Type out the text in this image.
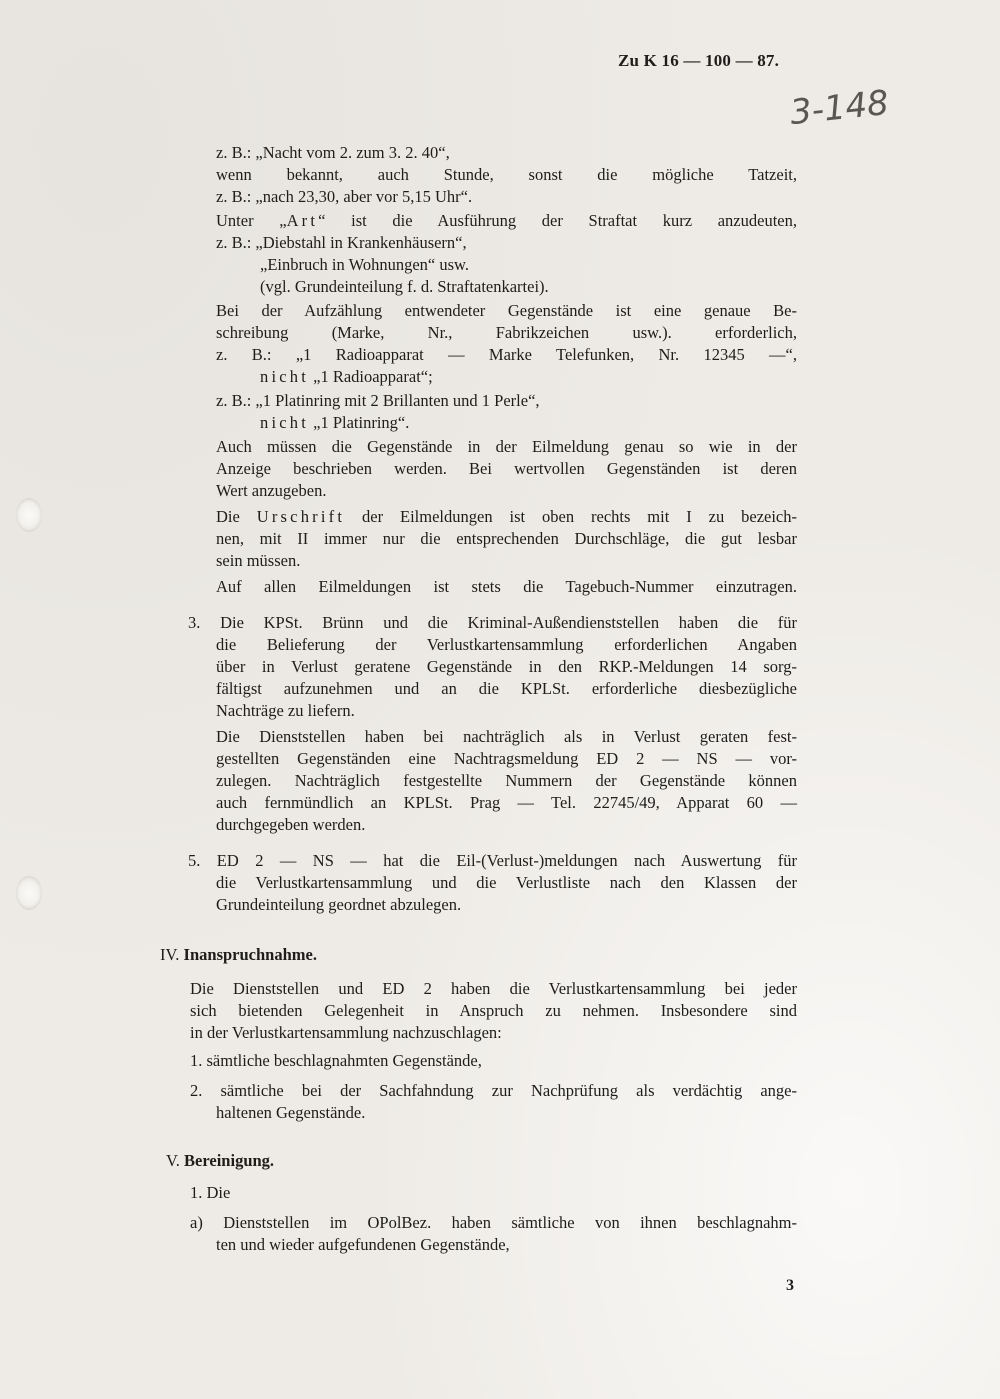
Zu K 16 — 100 — 87.
3-148
z. B.: „Nacht vom 2. zum 3. 2. 40“,
wenn bekannt, auch Stunde, sonst die mögliche Tatzeit,
z. B.: „nach 23,30, aber vor 5,15 Uhr“.
Unter „Art“ ist die Ausführung der Straftat kurz anzudeuten,
z. B.: „Diebstahl in Krankenhäusern“,
„Einbruch in Wohnungen“ usw.
(vgl. Grundeinteilung f. d. Straftatenkartei).
Bei der Aufzählung entwendeter Gegenstände ist eine genaue Be-
schreibung (Marke, Nr., Fabrikzeichen usw.). erforderlich,
z. B.: „1 Radioapparat — Marke Telefunken, Nr. 12345 —“,
nicht „1 Radioapparat“;
z. B.: „1 Platinring mit 2 Brillanten und 1 Perle“,
nicht „1 Platinring“.
Auch müssen die Gegenstände in der Eilmeldung genau so wie in der
Anzeige beschrieben werden. Bei wertvollen Gegenständen ist deren
Wert anzugeben.
Die Urschrift der Eilmeldungen ist oben rechts mit I zu bezeich-
nen, mit II immer nur die entsprechenden Durchschläge, die gut lesbar
sein müssen.
Auf allen Eilmeldungen ist stets die Tagebuch-Nummer einzutragen.
3. Die KPSt. Brünn und die Kriminal-Außendienststellen haben die für
die Belieferung der Verlustkartensammlung erforderlichen Angaben
über in Verlust geratene Gegenstände in den RKP.-Meldungen 14 sorg-
fältigst aufzunehmen und an die KPLSt. erforderliche diesbezügliche
Nachträge zu liefern.
Die Dienststellen haben bei nachträglich als in Verlust geraten fest-
gestellten Gegenständen eine Nachtragsmeldung ED 2 — NS — vor-
zulegen. Nachträglich festgestellte Nummern der Gegenstände können
auch fernmündlich an KPLSt. Prag — Tel. 22745/49, Apparat 60 —
durchgegeben werden.
5. ED 2 — NS — hat die Eil-(Verlust-)meldungen nach Auswertung für
die Verlustkartensammlung und die Verlustliste nach den Klassen der
Grundeinteilung geordnet abzulegen.
IV. Inanspruchnahme.
Die Dienststellen und ED 2 haben die Verlustkartensammlung bei jeder
sich bietenden Gelegenheit in Anspruch zu nehmen. Insbesondere sind
in der Verlustkartensammlung nachzuschlagen:
1. sämtliche beschlagnahmten Gegenstände,
2. sämtliche bei der Sachfahndung zur Nachprüfung als verdächtig ange-
haltenen Gegenstände.
V. Bereinigung.
1. Die
a) Dienststellen im OPolBez. haben sämtliche von ihnen beschlagnahm-
ten und wieder aufgefundenen Gegenstände,
3
